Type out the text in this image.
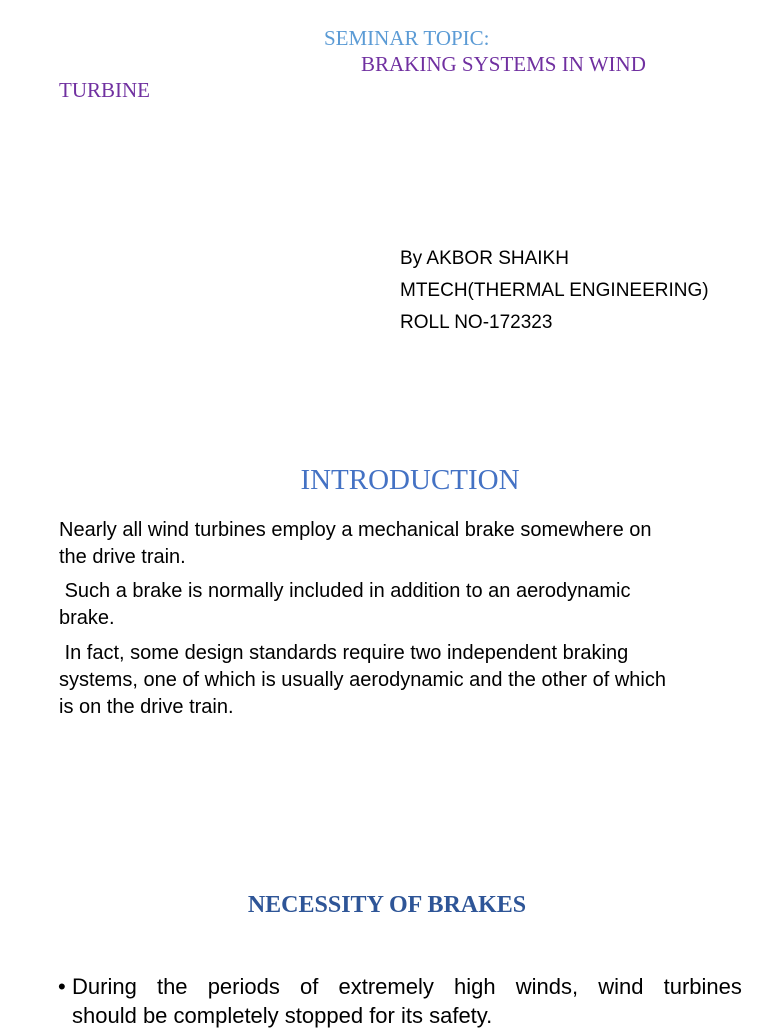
SEMINAR TOPIC:
BRAKING SYSTEMS IN WIND
TURBINE
By AKBOR SHAIKH
MTECH(THERMAL ENGINEERING)
ROLL NO-172323
INTRODUCTION

Nearly all wind turbines employ a mechanical brake somewhere on the drive train.

Such a brake is normally included in addition to an aerodynamic brake.

In fact, some design standards require two independent braking systems, one of which is usually aerodynamic and the other of which is on the drive train.

NECESSITY OF BRAKES
• During the periods of extremely high winds, wind turbines
should be completely stopped for its safety.
